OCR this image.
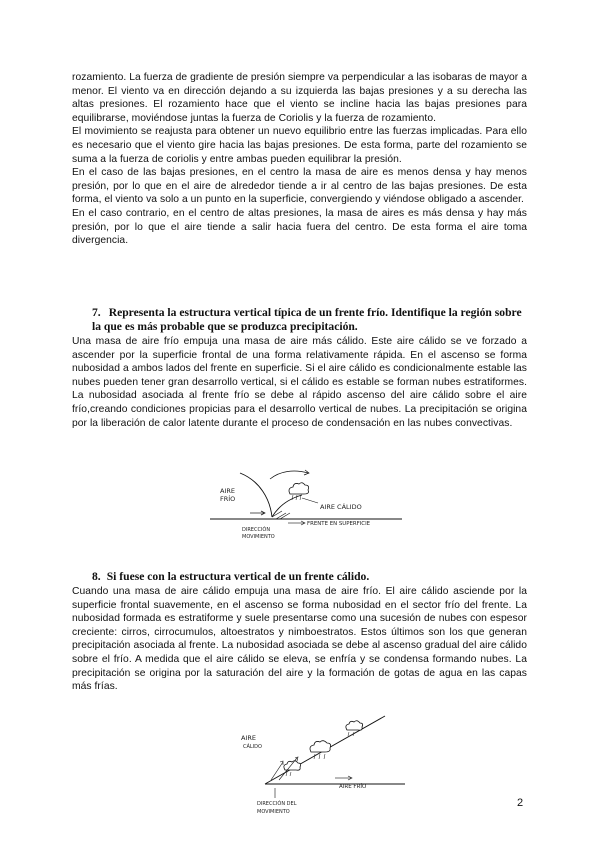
rozamiento. La fuerza de gradiente de presión siempre va perpendicular a las isobaras de mayor a menor. El viento va en dirección dejando a su izquierda las bajas presiones y a su derecha las altas presiones. El rozamiento hace que el viento se incline hacia las bajas presiones para equilibrarse, moviéndose juntas la fuerza de Coriolis y la fuerza de rozamiento.

El movimiento se reajusta para obtener un nuevo equilibrio entre las fuerzas implicadas. Para ello es necesario que el viento gire hacia las bajas presiones. De esta forma, parte del rozamiento se suma a la fuerza de coriolis y entre ambas pueden equilibrar la presión.

En el caso de las bajas presiones, en el centro la masa de aire es menos densa y hay menos presión, por lo que en el aire de alrededor tiende a ir al centro de las bajas presiones. De esta forma, el viento va solo a un punto en la superficie, convergiendo y viéndose obligado a ascender.

En el caso contrario, en el centro de altas presiones, la masa de aires es más densa y hay más presión, por lo que el aire tiende a salir hacia fuera del centro. De esta forma el aire toma divergencia.

7. Representa la estructura vertical típica de un frente frío. Identifique la región sobre la que es más probable que se produzca precipitación.

Una masa de aire frío empuja una masa de aire más cálido. Este aire cálido se ve forzado a ascender por la superficie frontal de una forma relativamente rápida. En el ascenso se forma nubosidad a ambos lados del frente en superficie. Si el aire cálido es condicionalmente estable las nubes pueden tener gran desarrollo vertical, si el cálido es estable se forman nubes estratiformes. La nubosidad asociada al frente frío se debe al rápido ascenso del aire cálido sobre el aire frío,creando condiciones propicias para el desarrollo vertical de nubes. La precipitación se origina por la liberación de calor latente durante el proceso de condensación en las nubes convectivas.

AIRE
FRÍO
AIRE CÁLIDO
DIRECCIÓN
MOVIMIENTO
FRENTE EN SUPERFICIE
8. Si fuese con la estructura vertical de un frente cálido.

Cuando una masa de aire cálido empuja una masa de aire frío. El aire cálido asciende por la superficie frontal suavemente, en el ascenso se forma nubosidad en el sector frío del frente. La nubosidad formada es estratiforme y suele presentarse como una sucesión de nubes con espesor creciente: cirros, cirrocumulos, altoestratos y nimboestratos. Estos últimos son los que generan precipitación asociada al frente. La nubosidad asociada se debe al ascenso gradual del aire cálido sobre el frío. A medida que el aire cálido se eleva, se enfría y se condensa formando nubes. La precipitación se origina por la saturación del aire y la formación de gotas de agua en las capas más frías.

AIRE
CÁLIDO
AIRE FRÍO
DIRECCIÓN DEL
MOVIMIENTO
2
